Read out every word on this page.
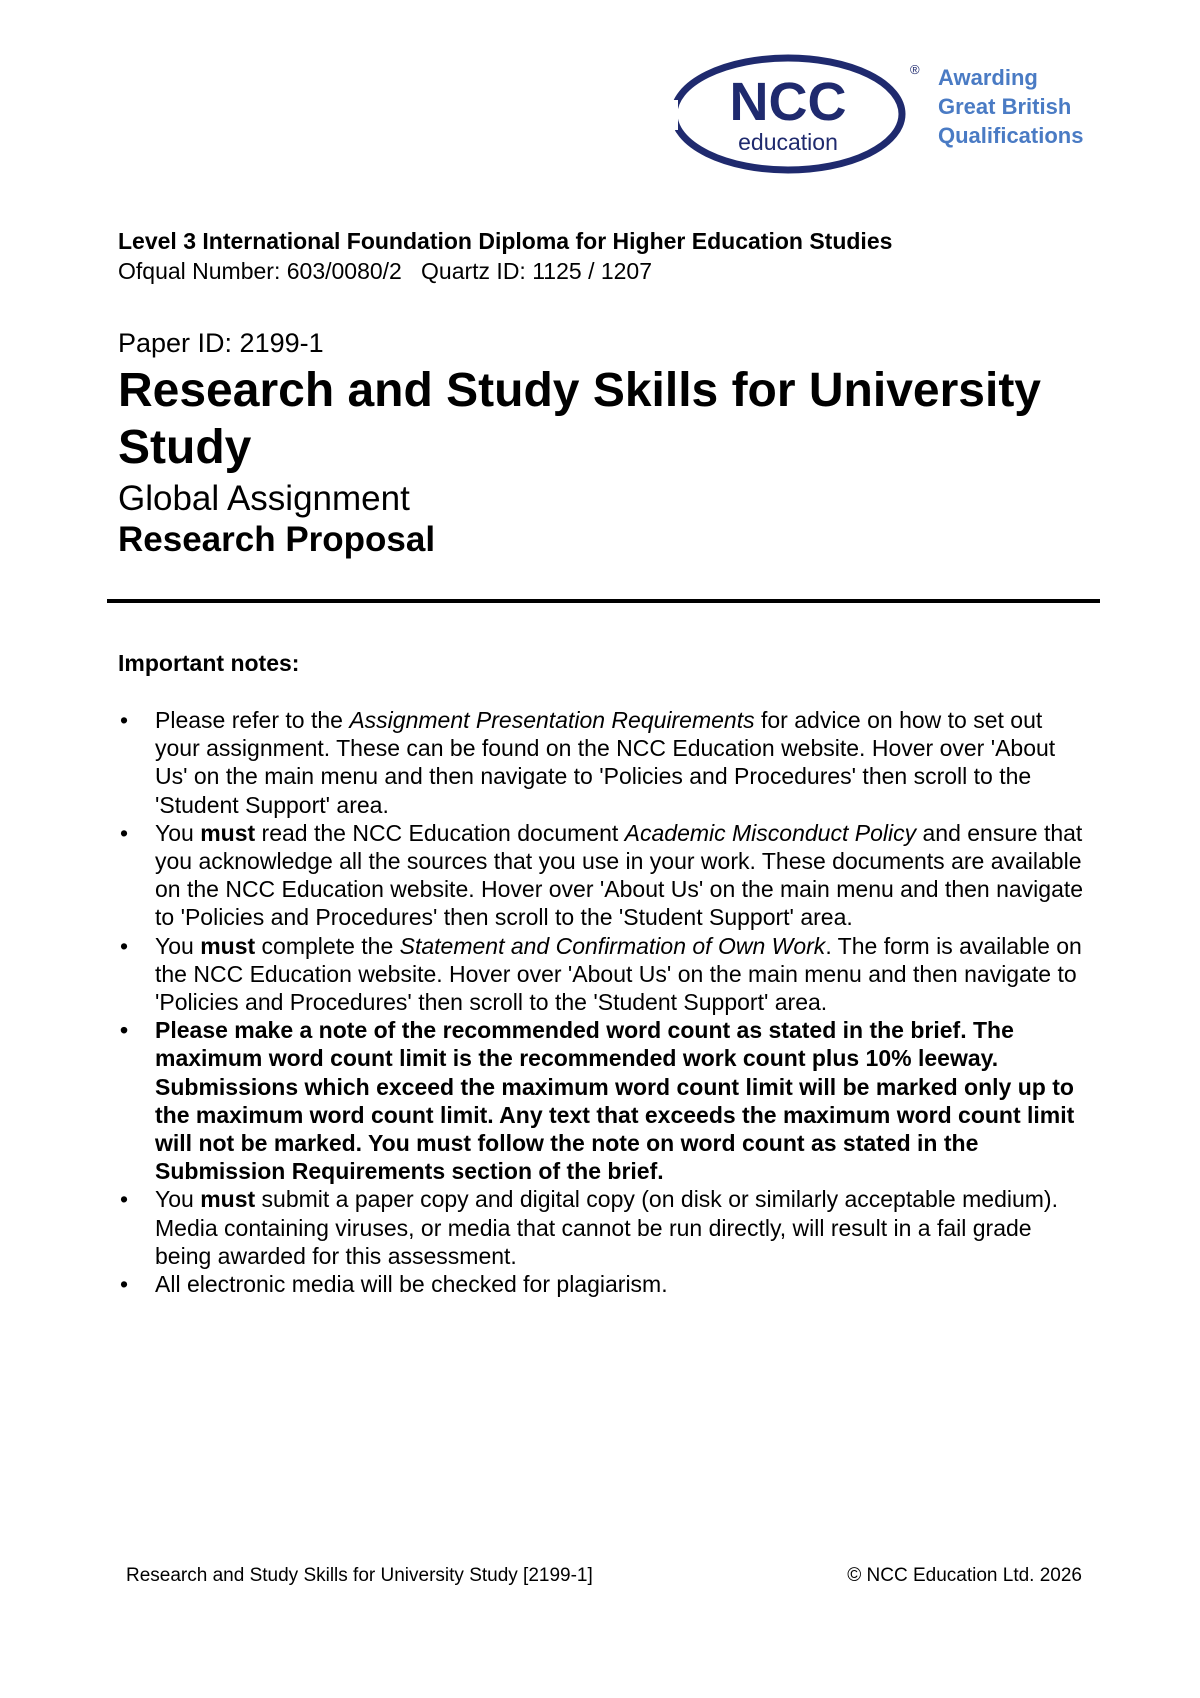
NCC
education
® Awarding
Great British
Qualifications
Level 3 International Foundation Diploma for Higher Education Studies
Ofqual Number: 603/0080/2   Quartz ID: 1125 / 1207
Paper ID: 2199-1
Research and Study Skills for University Study
Global Assignment
Research Proposal
Important notes:
• Please refer to the Assignment Presentation Requirements for advice on how to set out your assignment. These can be found on the NCC Education website. Hover over 'About Us' on the main menu and then navigate to 'Policies and Procedures' then scroll to the 'Student Support' area.
• You must read the NCC Education document Academic Misconduct Policy and ensure that you acknowledge all the sources that you use in your work. These documents are available on the NCC Education website. Hover over 'About Us' on the main menu and then navigate to 'Policies and Procedures' then scroll to the 'Student Support' area.
• You must complete the Statement and Confirmation of Own Work. The form is available on the NCC Education website. Hover over 'About Us' on the main menu and then navigate to 'Policies and Procedures' then scroll to the 'Student Support' area.
• Please make a note of the recommended word count as stated in the brief. The maximum word count limit is the recommended work count plus 10% leeway. Submissions which exceed the maximum word count limit will be marked only up to the maximum word count limit. Any text that exceeds the maximum word count limit will not be marked. You must follow the note on word count as stated in the Submission Requirements section of the brief.
• You must submit a paper copy and digital copy (on disk or similarly acceptable medium). Media containing viruses, or media that cannot be run directly, will result in a fail grade being awarded for this assessment.
• All electronic media will be checked for plagiarism.
Research and Study Skills for University Study [2199-1]	© NCC Education Ltd. 2026
